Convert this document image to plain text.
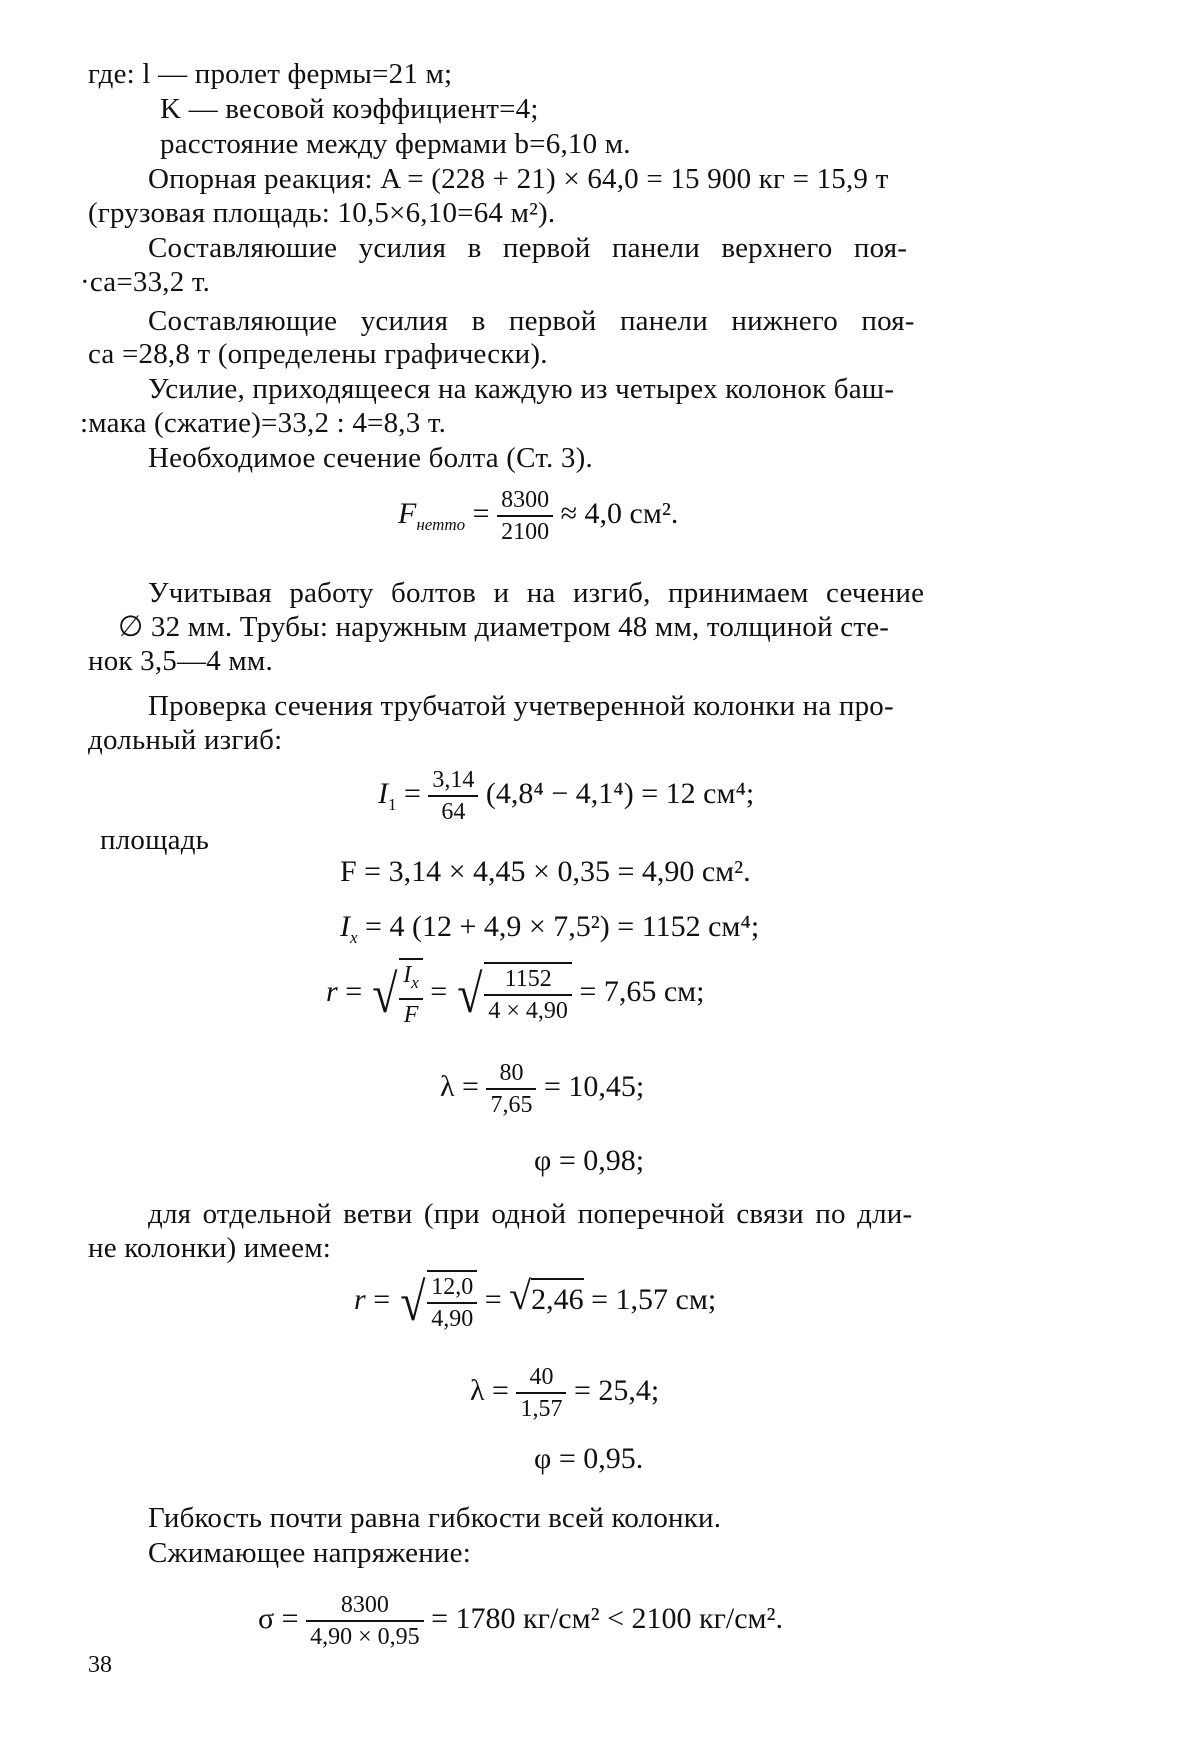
где: l — пролет фермы=21 м;
K — весовой коэффициент=4;
расстояние между фермами b=6,10 м.
Опорная реакция: A = (228 + 21) × 64,0 = 15 900 кг = 15,9 т
(грузовая площадь: 10,5×6,10=64 м²).
Составляюшие усилия в первой панели верхнего поя-
·са=33,2 т.
Составляющие усилия в первой панели нижнего поя-
са =28,8 т (определены графически).
Усилие, приходящееся на каждую из четырех колонок баш-
:мака (сжатие)=33,2 : 4=8,3 т.
Необходимое сечение болта (Ст. 3).
$F_{нетто} = \frac{8300}{2100} \approx 4,0$ см².
Учитывая работу болтов и на изгиб, принимаем сечение
∅ 32 мм. Трубы: наружным диаметром 48 мм, толщиной сте-
нок 3,5—4 мм.
Проверка сечения трубчатой учетверенной колонки на про-
дольный изгиб:
$I_1 = \frac{3,14}{64} (4,8^4 - 4,1^4) = 12$ см⁴;
площадь
F = 3,14 × 4,45 × 0,35 = 4,90 см².
$I_x = 4$ (12 + 4,9 × 7,5²) = 1152 см⁴;
r = √ $\frac{I_x}{F}$ = √ $\frac{1152}{4 \times 4,90} = 7,65$ см;
$\lambda = \frac{80}{7,65} = 10,45$;
φ = 0,98;
для отдельной ветви (при одной поперечной связи по дли-
не колонки) имеем:
r = √ $\frac{12,0}{4,90} = √2,46 = 1,57$ см;
$\lambda = \frac{40}{1,57} = 25,4$;
φ = 0,95.
Гибкость почти равна гибкости всей колонки.
Сжимающее напряжение:
$\sigma = \frac{8300}{4,90 \times 0,95} = 1780$ кг/см² < 2100 кг/см².
38
